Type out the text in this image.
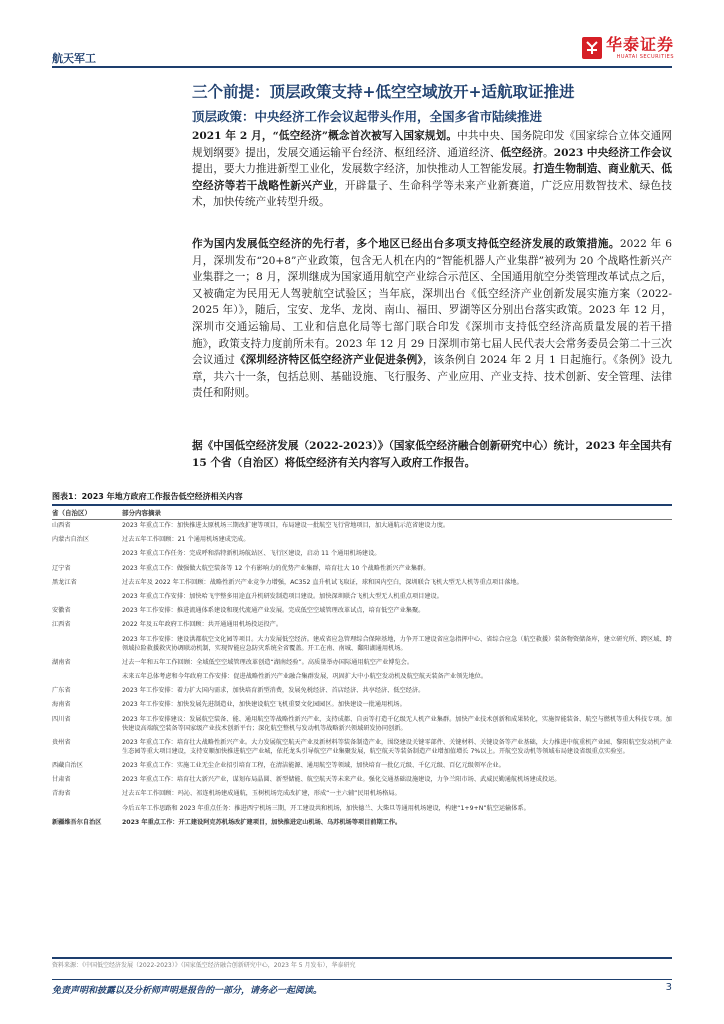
航天军工
华泰证券
HUATAI SECURITIES
三个前提：顶层政策支持+低空空域放开+适航取证推进
顶层政策：中央经济工作会议起带头作用，全国多省市陆续推进
2021 年 2 月，“低空经济”概念首次被写入国家规划。中共中央、国务院印发《国家综合立体交通网规划纲要》提出，发展交通运输平台经济、枢纽经济、通道经济、低空经济。2023 中央经济工作会议提出，要大力推进新型工业化，发展数字经济，加快推动人工智能发展。打造生物制造、商业航天、低空经济等若干战略性新兴产业，开辟量子、生命科学等未来产业新赛道，广泛应用数智技术、绿色技术，加快传统产业转型升级。
作为国内发展低空经济的先行者，多个地区已经出台多项支持低空经济发展的政策措施。2022 年 6 月，深圳发布“20+8”产业政策，包含无人机在内的“智能机器人产业集群”被列为 20 个战略性新兴产业集群之一；8 月，深圳继成为国家通用航空产业综合示范区、全国通用航空分类管理改革试点之后，又被确定为民用无人驾驶航空试验区；当年底，深圳出台《低空经济产业创新发展实施方案（2022-2025 年）》，随后，宝安、龙华、龙岗、南山、福田、罗湖等区分别出台落实政策。2023 年 12 月，深圳市交通运输局、工业和信息化局等七部门联合印发《深圳市支持低空经济高质量发展的若干措施》，政策支持力度前所未有。2023 年 12 月 29 日深圳市第七届人民代表大会常务委员会第二十三次会议通过《深圳经济特区低空经济产业促进条例》，该条例自 2024 年 2 月 1 日起施行。《条例》设九章，共六十一条，包括总则、基础设施、飞行服务、产业应用、产业支持、技术创新、安全管理、法律责任和附则。
据《中国低空经济发展（2022-2023）》（国家低空经济融合创新研究中心）统计，2023 年全国共有 15 个省（自治区）将低空经济有关内容写入政府工作报告。
图表1：2023 年地方政府工作报告低空经济相关内容
省（自治区）	部分内容摘录
山西省	2023 年重点工作：加快推进太原机场三期改扩建等项目，布局建设一批航空飞行营地项目，加大通航示范省建设力度。
内蒙古自治区	过去五年工作回顾：21 个通用机场建成完成。
2023 年重点工作任务：完成呼和浩特新机场航站区、飞行区建设，启动 11 个通用机场建设。
辽宁省	2023 年重点工作：做强做大航空装备等 12 个有影响力的优势产业集群，培育壮大 10 个战略性新兴产业集群。
黑龙江省	过去五年及 2022 年工作回顾：战略性新兴产业竞争力增强，AC352 直升机试飞取证，球和国内空白，深圳联合飞机大型无人机等重点项目落地。
2023 年重点工作安排：加快哈飞宇整多用途直升机研发制造项目建设。加快深圳联合飞机大型无人机重点项目建设。
安徽省	2023 年工作安排：推进流通体系建设和现代流通产业发展。完成低空空域管理改革试点，培育低空产业集聚。
江西省	2022 年及五年政府工作回顾：共开通通用机场投运投产。
2023 年工作安排：建设洪都航空文化园等项目。大力发展低空经济。建成省应急管理综合保障基地，力争开工建设省应急指挥中心、省综合应急（航空救援）装备物资储备库，建立研究所、跨区域、跨领域拉险救援救灾协调联动机制，实现智能应急防灾系统全省覆盖。开工在南、南城、鄱阳湖通用机场。
湖南省	过去一年和五年工作回顾：全域低空空域管理改革创造“湖南经验”。高质量举办国际通用航空产业博览会。
未来五年总体考虑和今年政府工作安排：促进战略性新兴产业融合集群发展，巩固扩大中小航空发动机及航空航天装备产业领先地位。
广东省	2023 年工作安排：着力扩大国内需求，加快培育新型消费，发展免税经济、首店经济、共享经济、低空经济。
海南省	2023 年工作安排：加快发展先进制造业，加快建设航空飞机重要文化园园区。加快建设一批通用机场。
四川省	2023 年工作安排建议：发展航空装备、能、通用航空等战略性新兴产业，支持成都、自贡等打造千亿级无人机产业集群。加快产业技术创新和成果转化，实施智能装备、航空与燃机等重大科技专项。加快建设高端航空装备等国家级产业技术创新平台；深化航空整机与发动机等战略新兴领域研发协同创新。
贵州省	2023 年重点工作：培育壮大战略性新兴产业。大力发展航空航天产业及新材料等装备制造产业，围绕建设关键零部件、关键材料、关键设备等产业基础，大力推进中航重机产业园、黎阳航空发动机产业生态园等重大项目建设，支持安顺加快推进航空产业城，依托龙头引导航空产业集聚发展，航空航天等装备制造产业增加值增长 7%以上。开航空发动机等领域布局建设省级重点实验室。
西藏自治区	2023 年重点工作：实施工业无尘企业招引培育工程，在清洁能源、通用航空等领域，加快培育一批亿元级、千亿元级、百亿元级领军企业。
甘肃省	2023 年重点工作：培育壮大新兴产业，谋划布局晶圆、新型储能、航空航天等未来产业。强化交通基础设施建设，力争兰阳市场、武威民勤通航机场建成投运。
青海省	过去五年工作回顾：玛沁、祁连机场建成通航，玉树机场完成改扩建，形成“一主六辅”民用机场格局。
今后五年工作思路和 2023 年重点任务：推进西宁机场三期，开工建设共和机场，加快德兰、大柴旦等通用机场建设，构建“1+9+N”航空运输体系。
新疆维吾尔自治区	2023 年重点工作：开工建设阿克苏机场改扩建项目，加快推进定山机场、乌苏机场等项目前期工作。
资料来源：《中国低空经济发展（2022-2023）》（国家低空经济融合创新研究中心，2023 年 5 月发布），华泰研究
免责声明和披露以及分析师声明是报告的一部分，请务必一起阅读。	3
